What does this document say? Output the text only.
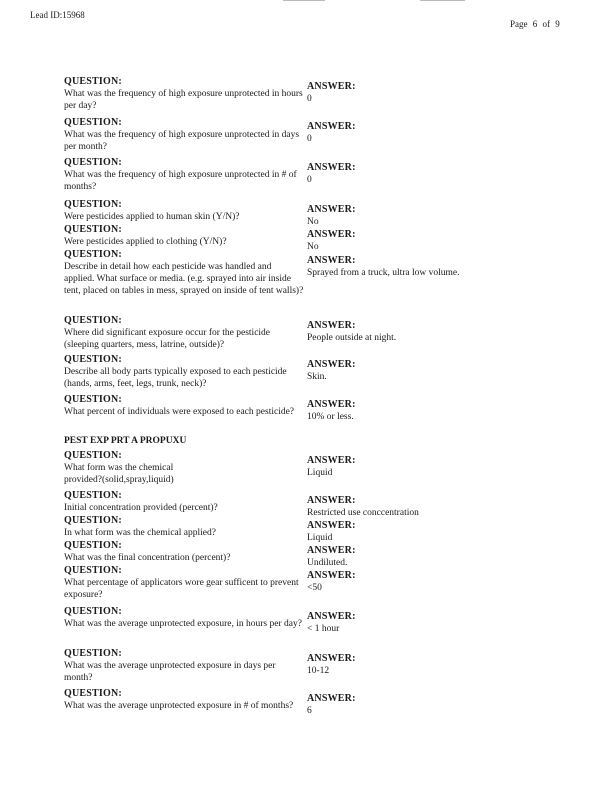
Lead ID:15968
Page 6 of 9
QUESTION:
What was the frequency of high exposure unprotected in hours per day?
ANSWER:
0
QUESTION:
What was the frequency of high exposure unprotected in days per month?
ANSWER:
0
QUESTION:
What was the frequency of high exposure unprotected in # of months?
ANSWER:
0
QUESTION:
Were pesticides applied to human skin (Y/N)?
ANSWER:
No
QUESTION:
Were pesticides applied to clothing (Y/N)?
ANSWER:
No
QUESTION:
Describe in detail how each pesticide was handled and applied. What surface or media. (e.g. sprayed into air inside tent, placed on tables in mess, sprayed on inside of tent walls)?
ANSWER:
Sprayed from a truck, ultra low volume.
QUESTION:
Where did significant exposure occur for the pesticide (sleeping quarters, mess, latrine, outside)?
ANSWER:
People outside at night.
QUESTION:
Describe all body parts typically exposed to each pesticide (hands, arms, feet, legs, trunk, neck)?
ANSWER:
Skin.
QUESTION:
What percent of individuals were exposed to each pesticide?
ANSWER:
10% or less.
PEST EXP PRT A PROPUXU
QUESTION:
What form was the chemical provided?(solid,spray,liquid)
ANSWER:
Liquid
QUESTION:
Initial concentration provided (percent)?
ANSWER:
Restricted use conccentration
QUESTION:
In what form was the chemical applied?
ANSWER:
Liquid
QUESTION:
What was the final concentration (percent)?
ANSWER:
Undiluted.
QUESTION:
What percentage of applicators wore gear sufficent to prevent exposure?
ANSWER:
<50
QUESTION:
What was the average unprotected exposure, in hours per day?
ANSWER:
< 1 hour
QUESTION:
What was the average unprotected exposure in days per month?
ANSWER:
10-12
QUESTION:
What was the average unprotected exposure in # of months?
ANSWER:
6
